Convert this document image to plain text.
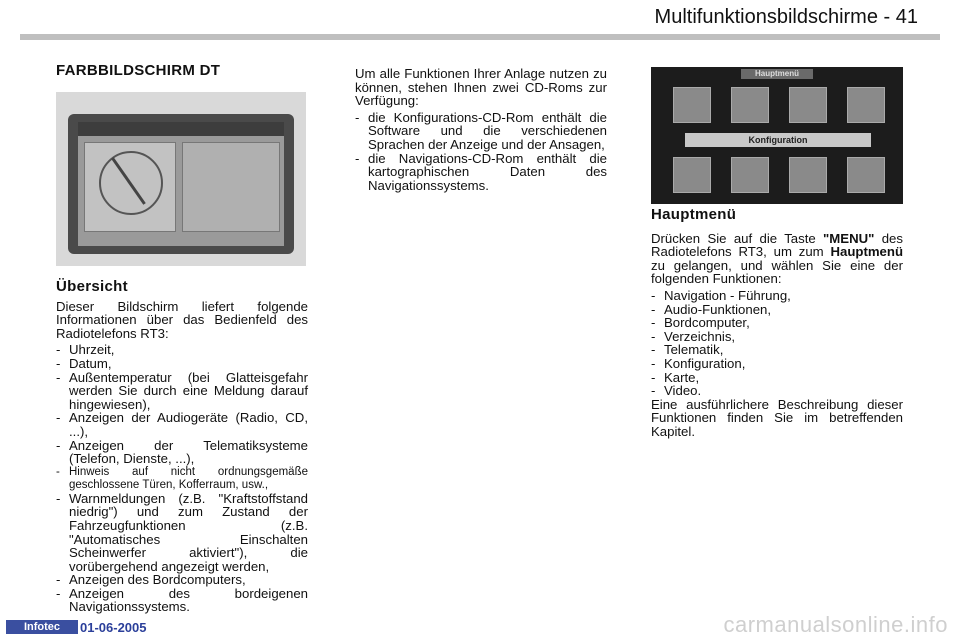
Multifunktionsbildschirme - 41
FARBBILDSCHIRM DT
Übersicht

Dieser Bildschirm liefert folgende Informationen über das Bedienfeld des Radiotelefons RT3:

- Uhrzeit,
- Datum,
- Außentemperatur (bei Glatteisgefahr werden Sie durch eine Meldung darauf hingewiesen),
- Anzeigen der Audiogeräte (Radio, CD, ...),
- Anzeigen der Telematiksysteme (Telefon, Dienste, ...),
- Hinweis auf nicht ordnungsgemäße geschlossene Türen, Kofferraum, usw.,
- Warnmeldungen (z.B. "Kraftstoffstand niedrig") und zum Zustand der Fahrzeugfunktionen (z.B. "Automatisches Einschalten Scheinwerfer aktiviert"), die vorübergehend angezeigt werden,
- Anzeigen des Bordcomputers,
- Anzeigen des bordeigenen Navigationssystems.

Um alle Funktionen Ihrer Anlage nutzen zu können, stehen Ihnen zwei CD-Roms zur Verfügung:

- die Konfigurations-CD-Rom enthält die Software und die verschiedenen Sprachen der Anzeige und der Ansagen,
- die Navigations-CD-Rom enthält die kartographischen Daten des Navigationssystems.
Hauptmenü
Konfiguration
Hauptmenü

Drücken Sie auf die Taste "MENU" des Radiotelefons RT3, um zum Hauptmenü zu gelangen, und wählen Sie eine der folgenden Funktionen:

- Navigation - Führung,
- Audio-Funktionen,
- Bordcomputer,
- Verzeichnis,
- Telematik,
- Konfiguration,
- Karte,
- Video.

Eine ausführlichere Beschreibung dieser Funktionen finden Sie im betreffenden Kapitel.

Infotec	01-06-2005	carmanualsonline.info
